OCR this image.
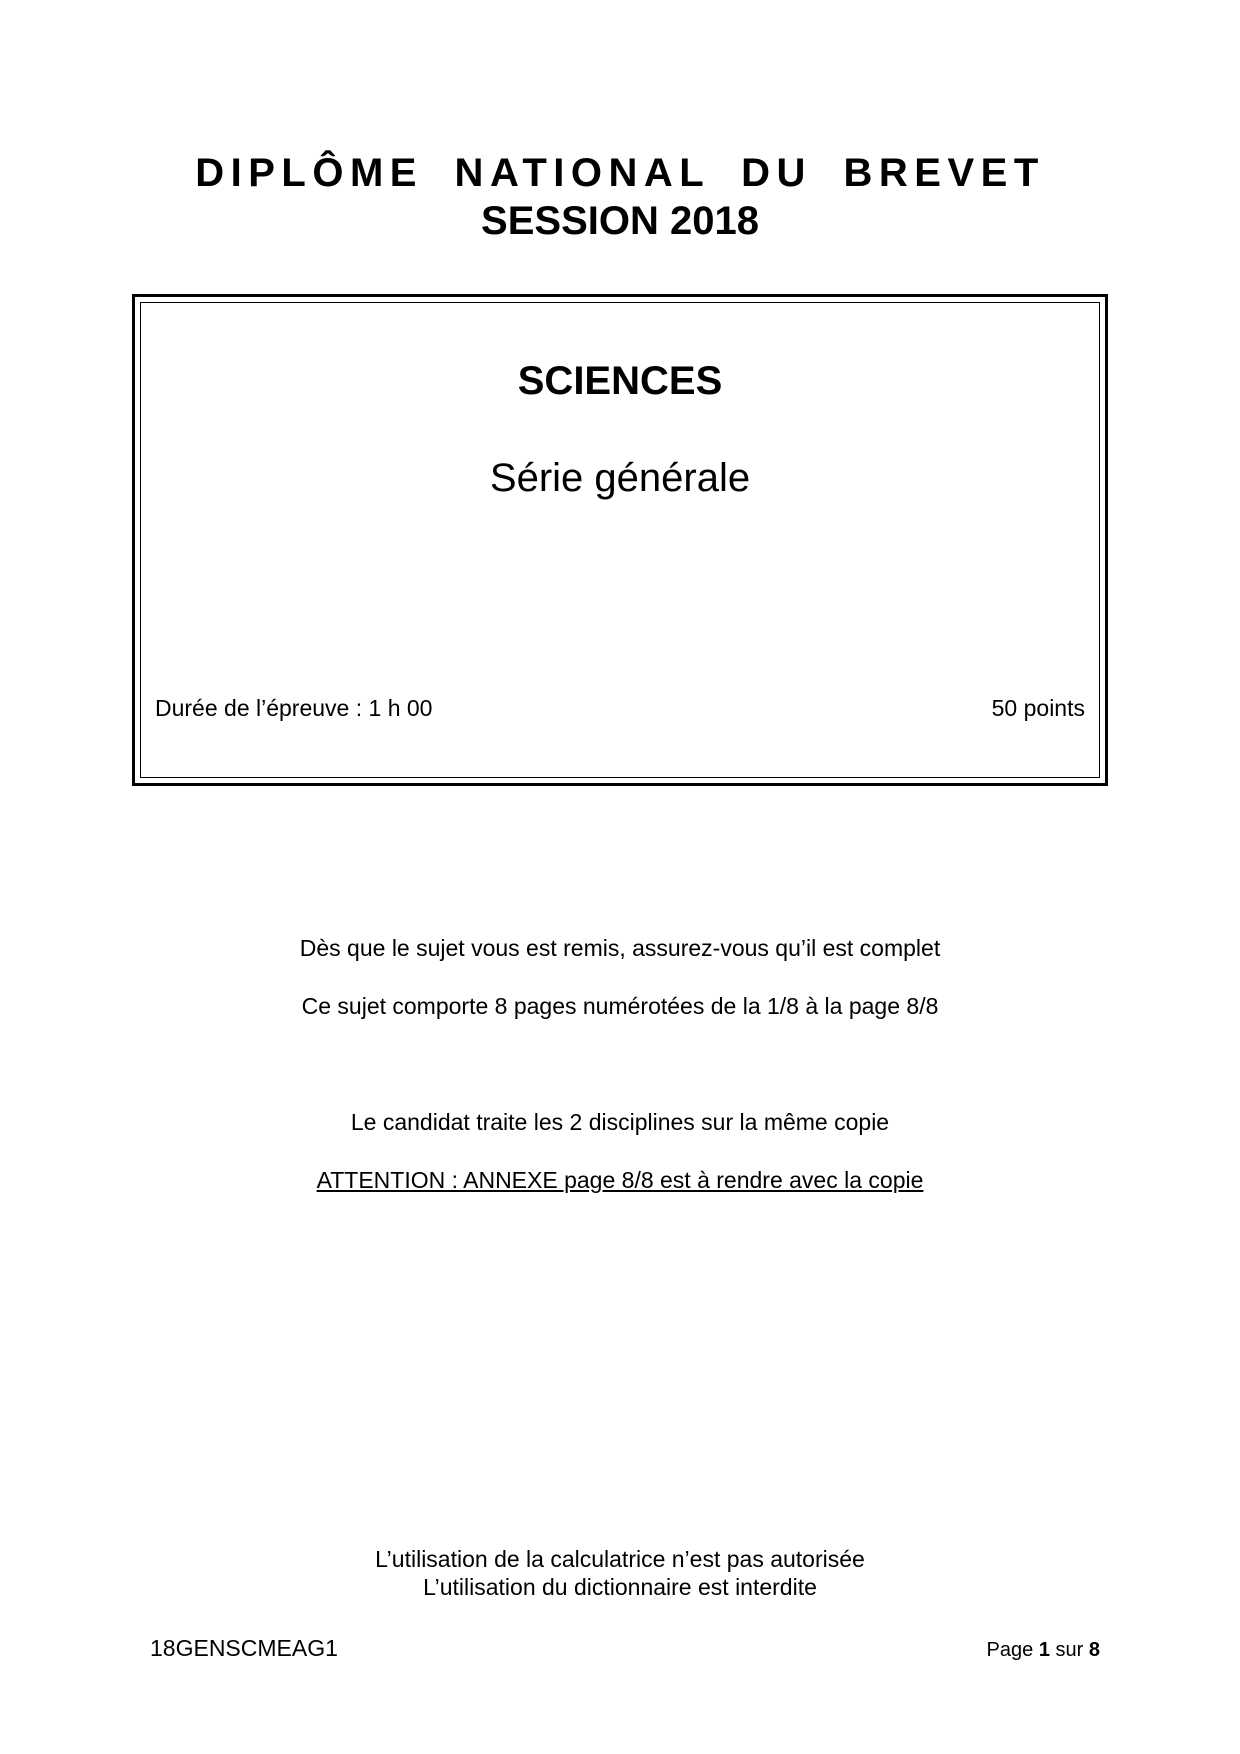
DIPLÔME NATIONAL DU BREVET
SESSION 2018
SCIENCES
Série générale
Durée de l’épreuve : 1 h 00	50 points
Dès que le sujet vous est remis, assurez-vous qu’il est complet
Ce sujet comporte 8 pages numérotées de la 1/8 à la page 8/8
Le candidat traite les 2 disciplines sur la même copie
ATTENTION : ANNEXE page 8/8 est à rendre avec la copie
L’utilisation de la calculatrice n’est pas autorisée
L’utilisation du dictionnaire est interdite
18GENSCMEAG1	Page 1 sur 8
